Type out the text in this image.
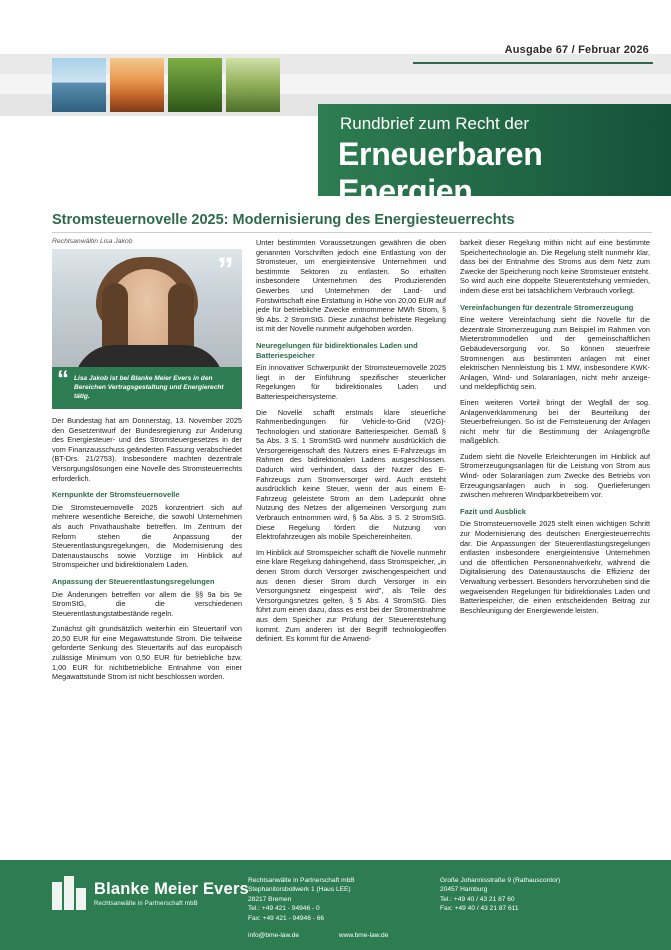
Ausgabe 67 / Februar 2026
Rundbrief zum Recht der
Erneuerbaren Energien
Stromsteuernovelle 2025: Modernisierung des Energiesteuerrechts
Rechtsanwältin Lisa Jakob
”
“ Lisa Jakob ist bei Blanke Meier Evers in den Bereichen Vertragsgestaltung und Energierecht tätig.

Der Bundestag hat am Donnerstag, 13. November 2025 den Gesetzentwurf der Bundesregierung zur Änderung des Energiesteuer- und des Stromsteuergesetzes in der vom Finanzausschuss geänderten Fassung verabschiedet (BT-Drs. 21/2753). Insbesondere machten dezentrale Versorgungslösungen eine Novelle des Stromsteuerrechts erforderlich.

Kernpunkte der Stromsteuernovelle

Die Stromsteuernovelle 2025 konzentriert sich auf mehrere wesentliche Bereiche, die sowohl Unternehmen als auch Privathaushalte betreffen. Im Zentrum der Reform stehen die Anpassung der Steuerentlastungsregelungen, die Modernisierung des Datenaustauschs sowie Vorzüge im Hinblick auf Stromspeicher und bidirektionalem Laden.

Anpassung der Steuerentlastungsregelungen

Die Änderungen betreffen vor allem die §§ 9a bis 9e StromStG, die die verschiedenen Steuerentlastungstatbestände regeln.

Zunächst gilt grundsätzlich weiterhin ein Steuertarif von 20,50 EUR für eine Megawattstunde Strom. Die teilweise geforderte Senkung des Steuertarifs auf das europäisch zulässige Minimum von 0,50 EUR für betriebliche bzw. 1,00 EUR für nichtbetriebliche Entnahme von einer Megawattstunde Strom ist nicht beschlossen worden.

Unter bestimmten Voraussetzungen gewähren die oben genannten Vorschriften jedoch eine Entlastung von der Stromsteuer, um energieintensive Unternehmen und bestimmte Sektoren zu entlasten. So erhalten insbesondere Unternehmen des Produzierenden Gewerbes und Unternehmen der Land- und Forstwirtschaft eine Erstattung in Höhe von 20,00 EUR auf jede für betriebliche Zwecke entnommene MWh Strom, § 9b Abs. 2 StromStG. Diese zunächst befristete Regelung ist mit der Novelle nunmehr aufgehoben worden.

Neuregelungen für bidirektionales Laden und Batteriespeicher

Ein innovativer Schwerpunkt der Stromsteuernovelle 2025 liegt in der Einführung spezifischer steuerlicher Regelungen für bidirektionales Laden und Batteriespeichersysteme.

Die Novelle schafft erstmals klare steuerliche Rahmenbedingungen für Vehicle-to-Grid (V2G)-Technologien und stationäre Batteriespeicher. Gemäß § 5a Abs. 3 S. 1 StromStG wird nunmehr ausdrücklich die Versorgereigenschaft des Nutzers eines E-Fahrzeugs im Rahmen des bidirektionalen Ladens ausgeschlossen. Dadurch wird verhindert, dass der Nutzer des E-Fahrzeugs zum Stromversorger wird. Auch entsteht ausdrücklich keine Steuer, wenn der aus einem E-Fahrzeug geleistete Strom an dem Ladepunkt ohne Nutzung des Netzes der allgemeinen Versorgung zum Verbrauch entnommen wird, § 5a Abs. 3 S. 2 StromStG. Diese Regelung fördert die Nutzung von Elektrofahrzeugen als mobile Speichereinheiten.

Im Hinblick auf Stromspeicher schafft die Novelle nunmehr eine klare Regelung dahingehend, dass Stromspeicher, „in denen Strom durch Versorger zwischengespeichert und aus denen dieser Strom durch Versorger in ein Versorgungsnetz eingespeist wird", als Teile des Versorgungsnetzes gelten, § 5 Abs. 4 StromStG. Dies führt zum einen dazu, dass es erst bei der Stromentnahme aus dem Speicher zur Prüfung der Steuerentstehung kommt. Zum anderen ist der Begriff technologieoffen definiert. Es kommt für die Anwend-

barkeit dieser Regelung mithin nicht auf eine bestimmte Speichertechnologie an. Die Regelung stellt nunmehr klar, dass bei der Entnahme des Stroms aus dem Netz zum Zwecke der Speicherung noch keine Stromsteuer entsteht. So wird auch eine doppelte Steuerentstehung vermieden, indem diese erst bei tatsächlichem Verbrauch vorliegt.

Vereinfachungen für dezentrale Stromerzeugung

Eine weitere Vereinfachung sieht die Novelle für die dezentrale Stromerzeugung zum Beispiel im Rahmen von Mieterstrommodellen und der gemeinschaftlichen Gebäudeversorgung vor. So können steuerfreie Stromnengen aus bestimmten anlagen mit einer elektrischen Nennleistung bis 1 MW, insbesondere KWK-Anlagen, Wind- und Solaranlagen, nicht mehr anzeige- und meldepflichtig sein.

Einen weiteren Vorteil bringt der Wegfall der sog. Anlagenverklammerung bei der Beurteilung der Steuerbefreiungen. So ist die Fernsteuerung der Anlagen nicht mehr für die Bestimmung der Anlagengröße maßgeblich.

Zudem sieht die Novelle Erleichterungen im Hinblick auf Stromerzeugungsanlagen für die Leistung von Strom aus Wind- oder Solaranlagen zum Zwecke des Betriebs von Erzeugungsanlagen auch in sog. Querlieferungen zwischen mehreren Windparkbetreibern vor.

Fazit und Ausblick

Die Stromsteuernovelle 2025 stellt einen wichtigen Schritt zur Modernisierung des deutschen Energiesteuerrechts dar. Die Anpassungen der Steuerentlastungsregelungen entlasten insbesondere energieintensive Unternehmen und die öffentlichen Personennahverkehr, während die Digitalisierung des Datenaustauschs die Effizienz der Verwaltung verbessert. Besonders hervorzuheben sind die wegweisenden Regelungen für bidirektionales Laden und Batteriespeicher, die einen entscheidenden Beitrag zur Beschleunigung der Energiewende leisten.

Blanke Meier Evers
Rechtsanwälte in Partnerschaft mbB
Rechtsanwälte in Partnerschaft mbB
Stephanitorsbollwerk 1 (Haus LEE)
28217 Bremen
Tel.: +49 421 - 94946 - 0
Fax: +49 421 - 94946 - 66
Große Johannisstraße 9 (Rathauscontor)
20457 Hamburg
Tel.: +49 40 / 43 21 87 60
Fax: +49 40 / 43 21 87 611
info@bme-law.de	www.bme-law.de
